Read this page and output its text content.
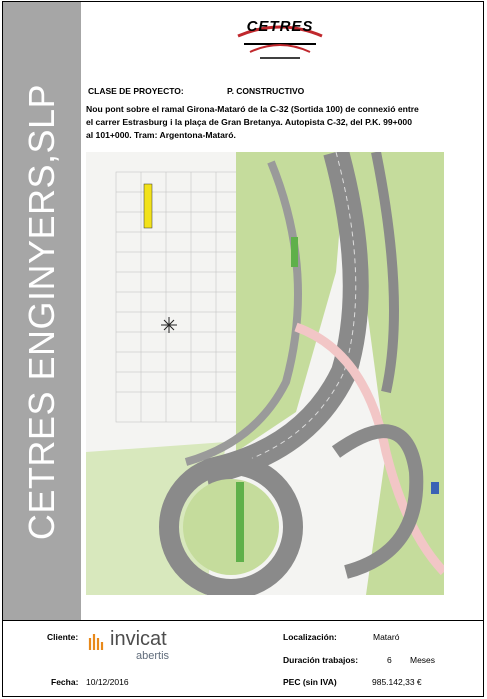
CETRES ENGINYERS,SLP
CETRES
CLASE DE PROYECTO:	P. CONSTRUCTIVO
Nou pont sobre el ramal Girona-Mataró de la C-32 (Sortida 100) de connexió entre
el carrer Estrasburg i la plaça de Gran Bretanya. Autopista C-32, del P.K. 99+000
al 101+000. Tram: Argentona-Mataró.
Cliente: invicat
abertis
Fecha: 10/12/2016
Localización:	Mataró
Duración trabajos:	6 Meses
PEC (sin IVA)	985.142,33 €
